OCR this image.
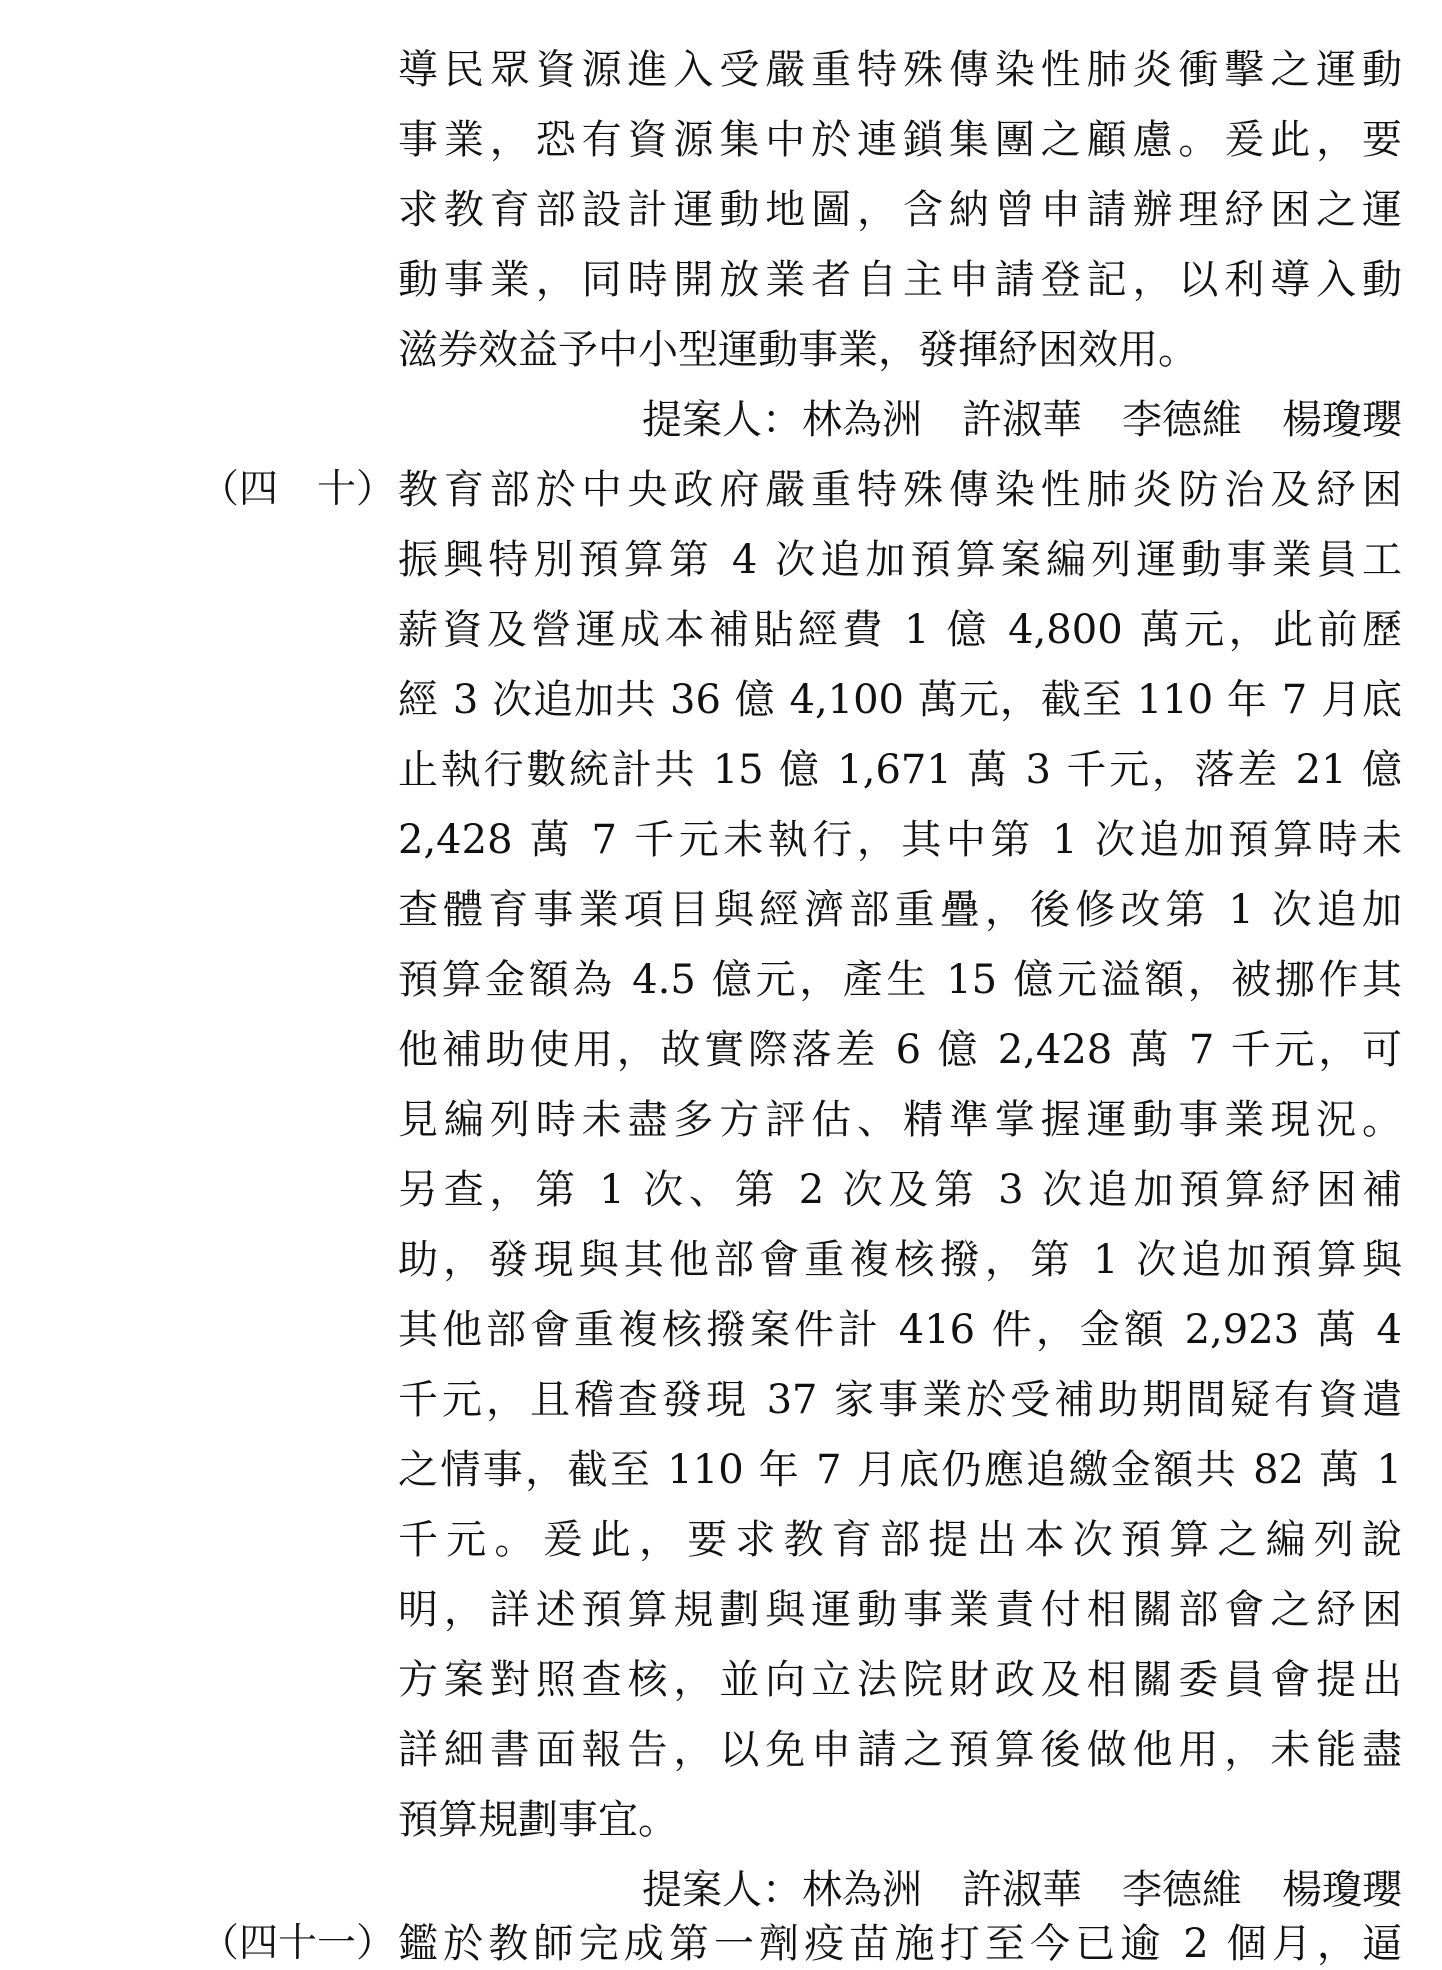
導民眾資源進入受嚴重特殊傳染性肺炎衝擊之運動
事業，恐有資源集中於連鎖集團之顧慮。爰此，要
求教育部設計運動地圖，含納曾申請辦理紓困之運
動事業，同時開放業者自主申請登記，以利導入動
滋券效益予中小型運動事業，發揮紓困效用。
提案人：林為洲　許淑華　李德維　楊瓊瓔
（四　十） 教育部於中央政府嚴重特殊傳染性肺炎防治及紓困
振興特別預算第 4 次追加預算案編列運動事業員工
薪資及營運成本補貼經費 1 億 4,800 萬元，此前歷
經 3 次追加共 36 億 4,100 萬元，截至 110 年 7 月底
止執行數統計共 15 億 1,671 萬 3 千元，落差 21 億
2,428 萬 7 千元未執行，其中第 1 次追加預算時未
查體育事業項目與經濟部重疊，後修改第 1 次追加
預算金額為 4.5 億元，產生 15 億元溢額，被挪作其
他補助使用，故實際落差 6 億 2,428 萬 7 千元，可
見編列時未盡多方評估、精準掌握運動事業現況。
另查，第 1 次、第 2 次及第 3 次追加預算紓困補
助，發現與其他部會重複核撥，第 1 次追加預算與
其他部會重複核撥案件計 416 件，金額 2,923 萬 4
千元，且稽查發現 37 家事業於受補助期間疑有資遣
之情事，截至 110 年 7 月底仍應追繳金額共 82 萬 1
千元。爰此，要求教育部提出本次預算之編列說
明，詳述預算規劃與運動事業責付相關部會之紓困
方案對照查核，並向立法院財政及相關委員會提出
詳細書面報告，以免申請之預算後做他用，未能盡
預算規劃事宜。
提案人：林為洲　許淑華　李德維　楊瓊瓔
（四十一） 鑑於教師完成第一劑疫苗施打至今已逾 2 個月，逼
